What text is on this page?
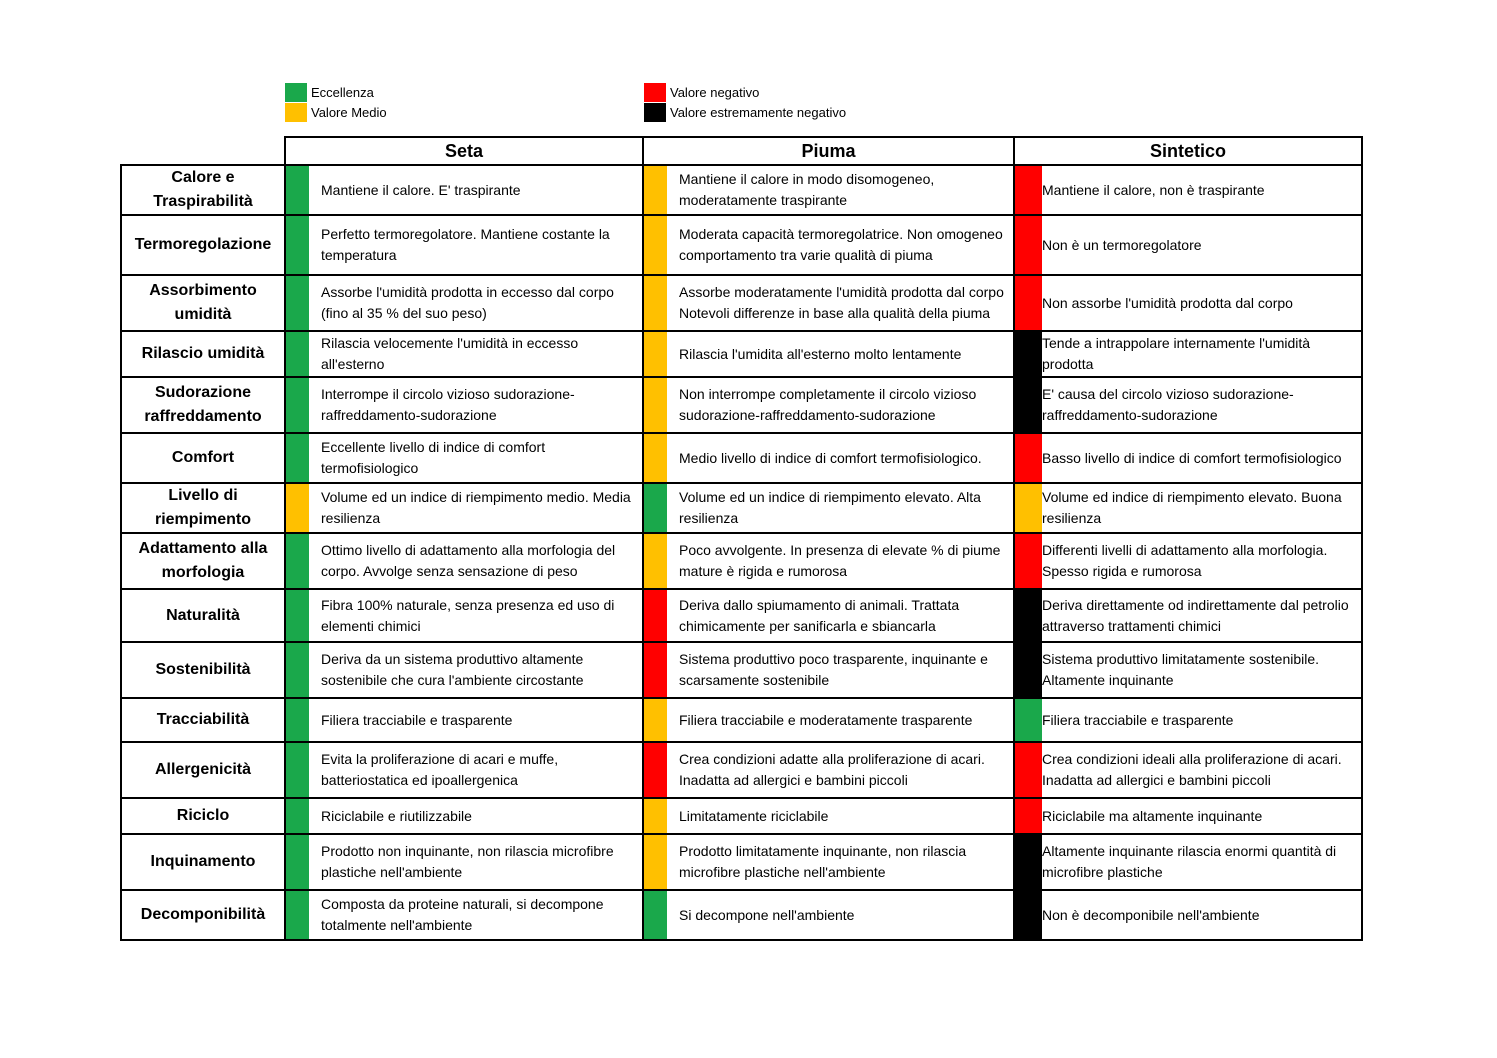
Eccellenza
Valore Medio
Valore negativo
Valore estremamente negativo
	Seta		Piuma		Sintetico	
Calore e Traspirabilità		Mantiene il calore. E' traspirante		Mantiene il calore in modo disomogeneo, moderatamente traspirante		Mantiene il calore, non è traspirante
Termoregolazione		Perfetto termoregolatore. Mantiene costante la temperatura		Moderata capacità termoregolatrice. Non omogeneo comportamento tra varie qualità di piuma		Non è un termoregolatore
Assorbimento umidità		Assorbe l'umidità prodotta in eccesso dal corpo (fino al 35 % del suo peso)		Assorbe moderatamente l'umidità prodotta dal corpo Notevoli differenze in base alla qualità della piuma		Non assorbe l'umidità prodotta dal corpo
Rilascio umidità		Rilascia velocemente l'umidità in eccesso all'esterno		Rilascia l'umidita all'esterno molto lentamente		Tende a intrappolare internamente l'umidità prodotta
Sudorazione raffreddamento		Interrompe il circolo vizioso sudorazione-raffreddamento-sudorazione		Non interrompe completamente il circolo vizioso sudorazione-raffreddamento-sudorazione		E' causa del circolo vizioso sudorazione-raffreddamento-sudorazione
Comfort		Eccellente livello di indice di comfort termofisiologico		Medio livello di indice di comfort termofisiologico.		Basso livello di indice di comfort termofisiologico
Livello di riempimento		Volume ed un indice di riempimento medio. Media resilienza		Volume ed un indice di riempimento elevato. Alta resilienza		Volume ed indice di riempimento elevato. Buona resilienza
Adattamento alla morfologia		Ottimo livello di adattamento alla morfologia del corpo. Avvolge senza sensazione di peso		Poco avvolgente. In presenza di elevate % di piume mature è rigida e rumorosa		Differenti livelli di adattamento alla morfologia. Spesso rigida e rumorosa
Naturalità		Fibra 100% naturale, senza presenza ed uso di elementi chimici		Deriva dallo spiumamento di animali. Trattata chimicamente per sanificarla e sbiancarla		Deriva direttamente od indirettamente dal petrolio attraverso trattamenti chimici
Sostenibilità		Deriva da un sistema produttivo altamente sostenibile che cura l'ambiente circostante		Sistema produttivo poco trasparente, inquinante e scarsamente sostenibile		Sistema produttivo limitatamente sostenibile. Altamente inquinante
Tracciabilità		Filiera tracciabile e trasparente		Filiera tracciabile e moderatamente trasparente		Filiera tracciabile e trasparente
Allergenicità		Evita la proliferazione di acari e muffe, batteriostatica ed ipoallergenica		Crea condizioni adatte alla proliferazione di acari. Inadatta ad allergici e bambini piccoli		Crea condizioni ideali alla proliferazione di acari. Inadatta ad allergici e bambini piccoli
Riciclo		Riciclabile e riutilizzabile		Limitatamente riciclabile		Riciclabile ma altamente inquinante
Inquinamento		Prodotto non inquinante, non rilascia microfibre plastiche nell'ambiente		Prodotto limitatamente inquinante, non rilascia microfibre plastiche nell'ambiente		Altamente inquinante rilascia enormi quantità di microfibre plastiche
Decomponibilità		Composta da proteine naturali, si decompone totalmente nell'ambiente		Si decompone nell'ambiente		Non è decomponibile nell'ambiente
